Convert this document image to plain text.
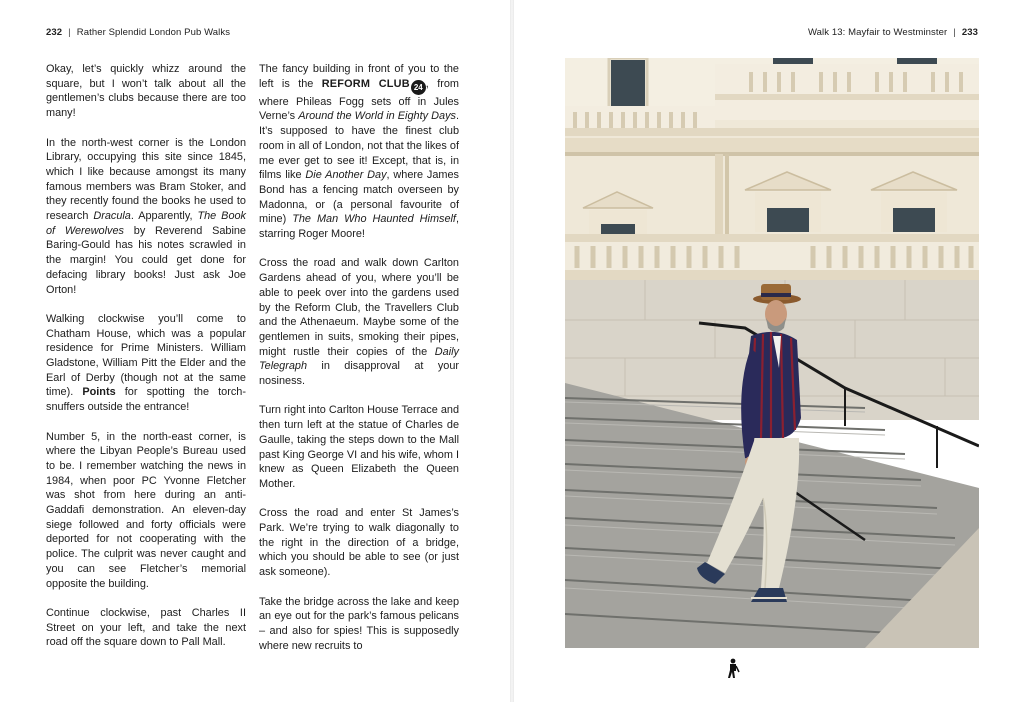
232 | Rather Splendid London Pub Walks	Walk 13: Mayfair to Westminster | 233

Okay, let’s quickly whizz around the square, but I won’t talk about all the gentlemen’s clubs because there are too many!

In the north-west corner is the London Library, occupying this site since 1845, which I like because amongst its many famous members was Bram Stoker, and they recently found the books he used to research Dracula. Apparently, The Book of Werewolves by Reverend Sabine Baring-Gould has his notes scrawled in the margin! You could get done for defacing library books! Just ask Joe Orton!

Walking clockwise you’ll come to Chatham House, which was a popular residence for Prime Ministers. William Gladstone, William Pitt the Elder and the Earl of Derby (though not at the same time). Points for spotting the torch-snuffers outside the entrance!

Number 5, in the north-east corner, is where the Libyan People’s Bureau used to be. I remember watching the news in 1984, when poor PC Yvonne Fletcher was shot from here during an anti-Gaddafi demonstration. An eleven-day siege followed and forty officials were deported for not cooperating with the police. The culprit was never caught and you can see Fletcher’s memorial opposite the building.

Continue clockwise, past Charles II Street on your left, and take the next road off the square down to Pall Mall.

The fancy building in front of you to the left is the REFORM CLUB 24 , from where Phileas Fogg sets off in Jules Verne’s Around the World in Eighty Days. It’s supposed to have the finest club room in all of London, not that the likes of me ever get to see it! Except, that is, in films like Die Another Day, where James Bond has a fencing match overseen by Madonna, or (a personal favourite of mine) The Man Who Haunted Himself, starring Roger Moore!

Cross the road and walk down Carlton Gardens ahead of you, where you’ll be able to peek over into the gardens used by the Reform Club, the Travellers Club and the Athenaeum. Maybe some of the gentlemen in suits, smoking their pipes, might rustle their copies of the Daily Telegraph in disapproval at your nosiness.

Turn right into Carlton House Terrace and then turn left at the statue of Charles de Gaulle, taking the steps down to the Mall past King George VI and his wife, whom I knew as Queen Elizabeth the Queen Mother.

Cross the road and enter St James’s Park. We’re trying to walk diagonally to the right in the direction of a bridge, which you should be able to see (or just ask someone).

Take the bridge across the lake and keep an eye out for the park’s famous pelicans – and also for spies! This is supposedly where new recruits to
